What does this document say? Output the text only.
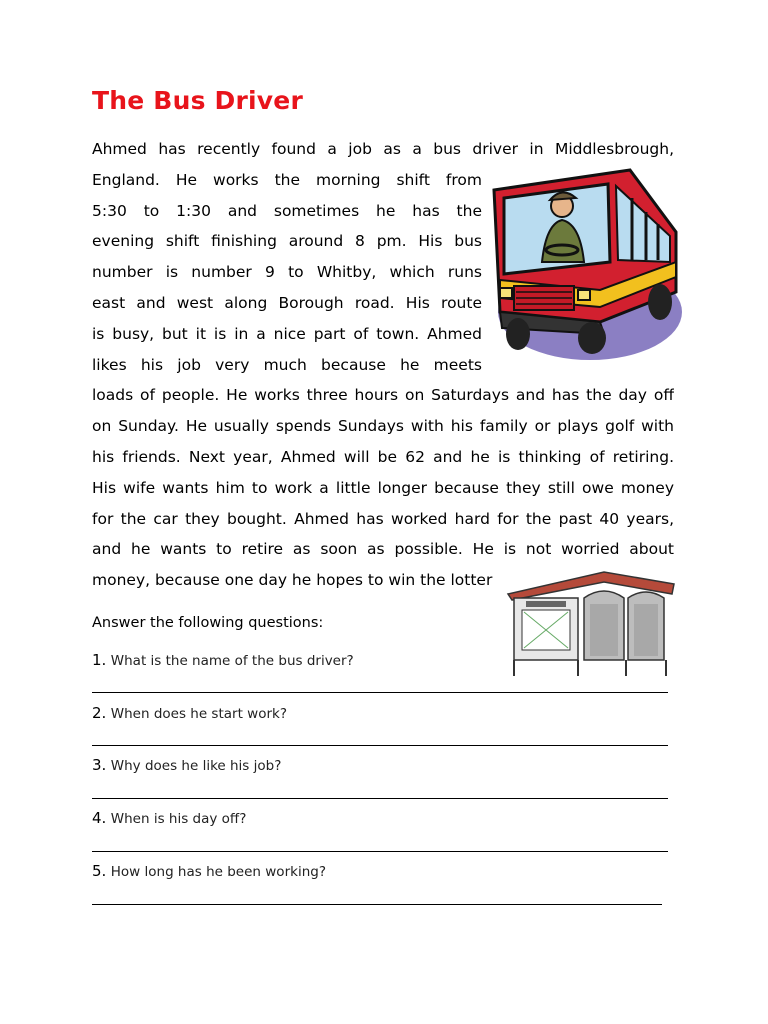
The Bus Driver
Ahmed has recently found a job as a bus driver in Middlesbrough,
England. He works the morning shift from
5:30 to 1:30 and sometimes he has the
evening shift finishing around 8 pm. His bus
number is number 9 to Whitby, which runs
east and west along Borough road. His route
is busy, but it is in a nice part of town. Ahmed
likes his job very much because he meets
loads of people. He works three hours on Saturdays and has the day off
on Sunday. He usually spends Sundays with his family or plays golf with
his friends. Next year, Ahmed will be 62 and he is thinking of retiring.
His wife wants him to work a little longer because they still owe money
for the car they bought. Ahmed has worked hard for the past 40 years,
and he wants to retire as soon as possible. He is not worried about
money, because one day he hopes to win the lotter
Answer the following questions:
1. What is the name of the bus driver?
2. When does he start work?
3. Why does he like his job?
4. When is his day off?
5. How long has he been working?
